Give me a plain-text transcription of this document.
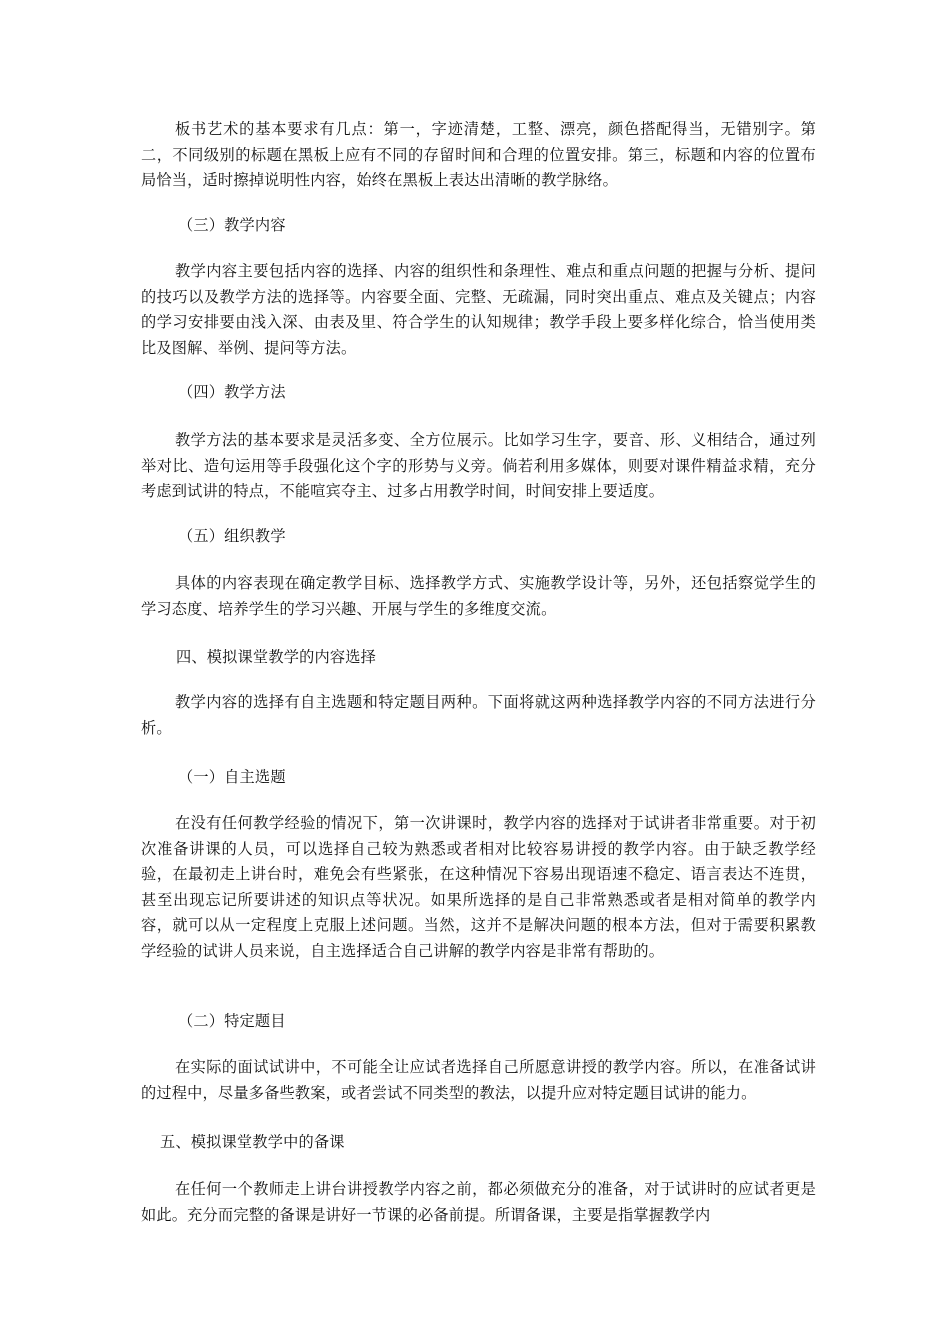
板书艺术的基本要求有几点：第一，字迹清楚，工整、漂亮，颜色搭配得当，无错别字。第二，不同级别的标题在黑板上应有不同的存留时间和合理的位置安排。第三，标题和内容的位置布局恰当，适时擦掉说明性内容，始终在黑板上表达出清晰的教学脉络。

（三）教学内容

教学内容主要包括内容的选择、内容的组织性和条理性、难点和重点问题的把握与分析、提问的技巧以及教学方法的选择等。内容要全面、完整、无疏漏，同时突出重点、难点及关键点；内容的学习安排要由浅入深、由表及里、符合学生的认知规律；教学手段上要多样化综合，恰当使用类比及图解、举例、提问等方法。

（四）教学方法

教学方法的基本要求是灵活多变、全方位展示。比如学习生字，要音、形、义相结合，通过列举对比、造句运用等手段强化这个字的形势与义旁。倘若利用多媒体，则要对课件精益求精，充分考虑到试讲的特点，不能喧宾夺主、过多占用教学时间，时间安排上要适度。

（五）组织教学

具体的内容表现在确定教学目标、选择教学方式、实施教学设计等，另外，还包括察觉学生的学习态度、培养学生的学习兴趣、开展与学生的多维度交流。

四、模拟课堂教学的内容选择

教学内容的选择有自主选题和特定题目两种。下面将就这两种选择教学内容的不同方法进行分析。

（一）自主选题

在没有任何教学经验的情况下，第一次讲课时，教学内容的选择对于试讲者非常重要。对于初次准备讲课的人员，可以选择自己较为熟悉或者相对比较容易讲授的教学内容。由于缺乏教学经验，在最初走上讲台时，难免会有些紧张，在这种情况下容易出现语速不稳定、语言表达不连贯，甚至出现忘记所要讲述的知识点等状况。如果所选择的是自己非常熟悉或者是相对简单的教学内容，就可以从一定程度上克服上述问题。当然，这并不是解决问题的根本方法，但对于需要积累教学经验的试讲人员来说，自主选择适合自己讲解的教学内容是非常有帮助的。

（二）特定题目

在实际的面试试讲中，不可能全让应试者选择自己所愿意讲授的教学内容。所以，在准备试讲的过程中，尽量多备些教案，或者尝试不同类型的教法，以提升应对特定题目试讲的能力。

五、模拟课堂教学中的备课

在任何一个教师走上讲台讲授教学内容之前，都必须做充分的准备，对于试讲时的应试者更是如此。充分而完整的备课是讲好一节课的必备前提。所谓备课，主要是指掌握教学内
